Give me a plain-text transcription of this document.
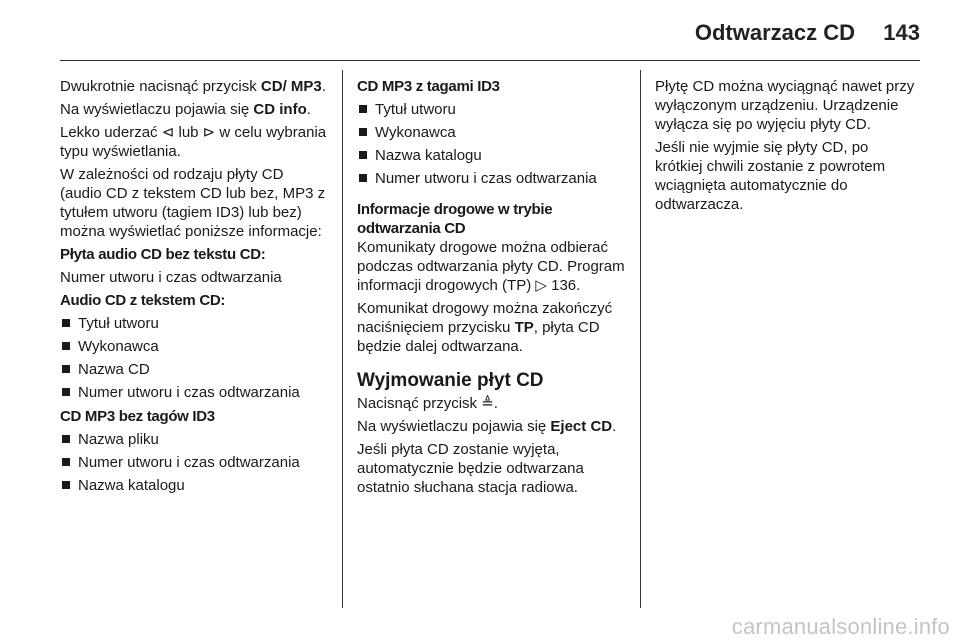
Odtwarzacz CD 143

Dwukrotnie nacisnąć przycisk CD/ MP3.

Na wyświetlaczu pojawia się CD info.

Lekko uderzać ⊲ lub ⊳ w celu wybrania typu wyświetlania.

W zależności od rodzaju płyty CD (audio CD z tekstem CD lub bez, MP3 z tytułem utworu (tagiem ID3) lub bez) można wyświetlać poniższe informacje:

Płyta audio CD bez tekstu CD:

Numer utworu i czas odtwarzania

Audio CD z tekstem CD:

Tytuł utworu
Wykonawca
Nazwa CD
Numer utworu i czas odtwarzania

CD MP3 bez tagów ID3

Nazwa pliku
Numer utworu i czas odtwarzania
Nazwa katalogu

CD MP3 z tagami ID3

Tytuł utworu
Wykonawca
Nazwa katalogu
Numer utworu i czas odtwarzania

Informacje drogowe w trybie odtwarzania CD

Komunikaty drogowe można odbierać podczas odtwarzania płyty CD. Program informacji drogowych (TP) ▷ 136.

Komunikat drogowy można zakończyć naciśnięciem przycisku TP, płyta CD będzie dalej odtwarzana.

Wyjmowanie płyt CD

Nacisnąć przycisk ≜.

Na wyświetlaczu pojawia się Eject CD.

Jeśli płyta CD zostanie wyjęta, automatycznie będzie odtwarzana ostatnio słuchana stacja radiowa.

Płytę CD można wyciągnąć nawet przy wyłączonym urządzeniu. Urządzenie wyłącza się po wyjęciu płyty CD.

Jeśli nie wyjmie się płyty CD, po krótkiej chwili zostanie z powrotem wciągnięta automatycznie do odtwarzacza.

carmanualsonline.info
